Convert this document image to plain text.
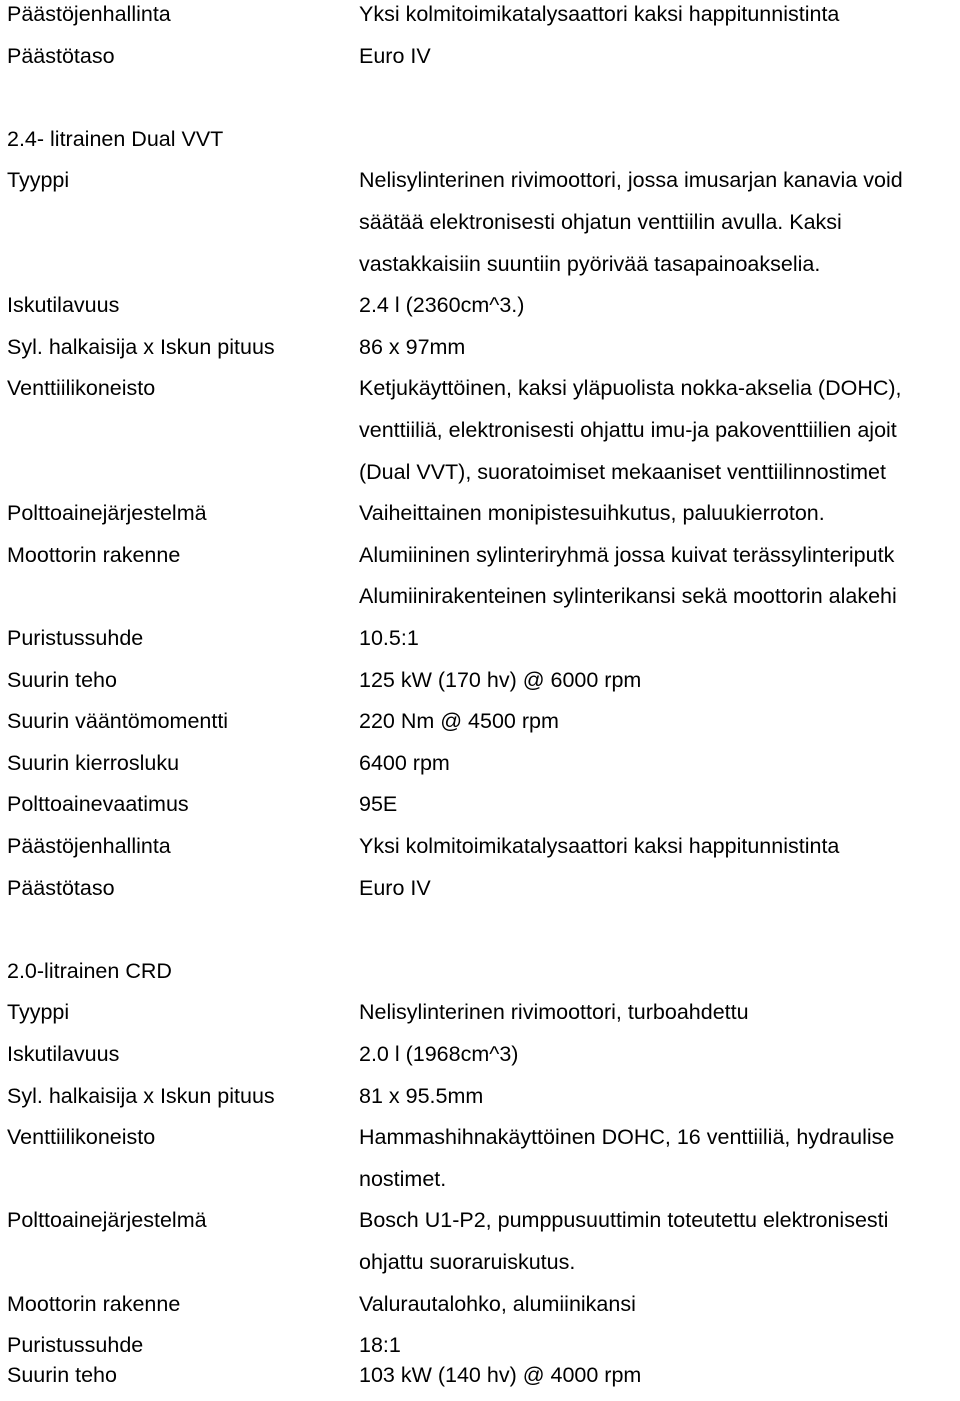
Päästöjenhallinta	Yksi kolmitoimikatalysaattori kaksi happitunnistinta
Päästötaso	Euro IV
2.4- litrainen Dual VVT
Tyyppi	Nelisylinterinen rivimoottori, jossa imusarjan kanavia void
säätää elektronisesti ohjatun venttiilin avulla. Kaksi
vastakkaisiin suuntiin pyörivää tasapainoakselia.
Iskutilavuus	2.4 l (2360cm^3.)
Syl. halkaisija x Iskun pituus	86 x 97mm
Venttiilikoneisto	Ketjukäyttöinen, kaksi yläpuolista nokka-akselia (DOHC),
venttiiliä, elektronisesti ohjattu imu-ja pakoventtiilien ajoit
(Dual VVT), suoratoimiset mekaaniset venttiilinnostimet
Polttoainejärjestelmä	Vaiheittainen monipistesuihkutus, paluukierroton.
Moottorin rakenne	Alumiininen sylinteriryhmä jossa kuivat terässylinteriputk
Alumiinirakenteinen sylinterikansi sekä moottorin alakehi
Puristussuhde	10.5:1
Suurin teho	125 kW (170 hv) @ 6000 rpm
Suurin vääntömomentti	220 Nm @ 4500 rpm
Suurin kierrosluku	6400 rpm
Polttoainevaatimus	95E
Päästöjenhallinta	Yksi kolmitoimikatalysaattori kaksi happitunnistinta
Päästötaso	Euro IV
2.0-litrainen CRD
Tyyppi	Nelisylinterinen rivimoottori, turboahdettu
Iskutilavuus	2.0 l (1968cm^3)
Syl. halkaisija x Iskun pituus	81 x 95.5mm
Venttiilikoneisto	Hammashihnakäyttöinen DOHC, 16 venttiiliä, hydraulise
nostimet.
Polttoainejärjestelmä	Bosch U1-P2, pumppusuuttimin toteutettu elektronisesti
ohjattu suoraruiskutus.
Moottorin rakenne	Valurautalohko, alumiinikansi
Puristussuhde	18:1
Suurin teho	103 kW (140 hv) @ 4000 rpm
